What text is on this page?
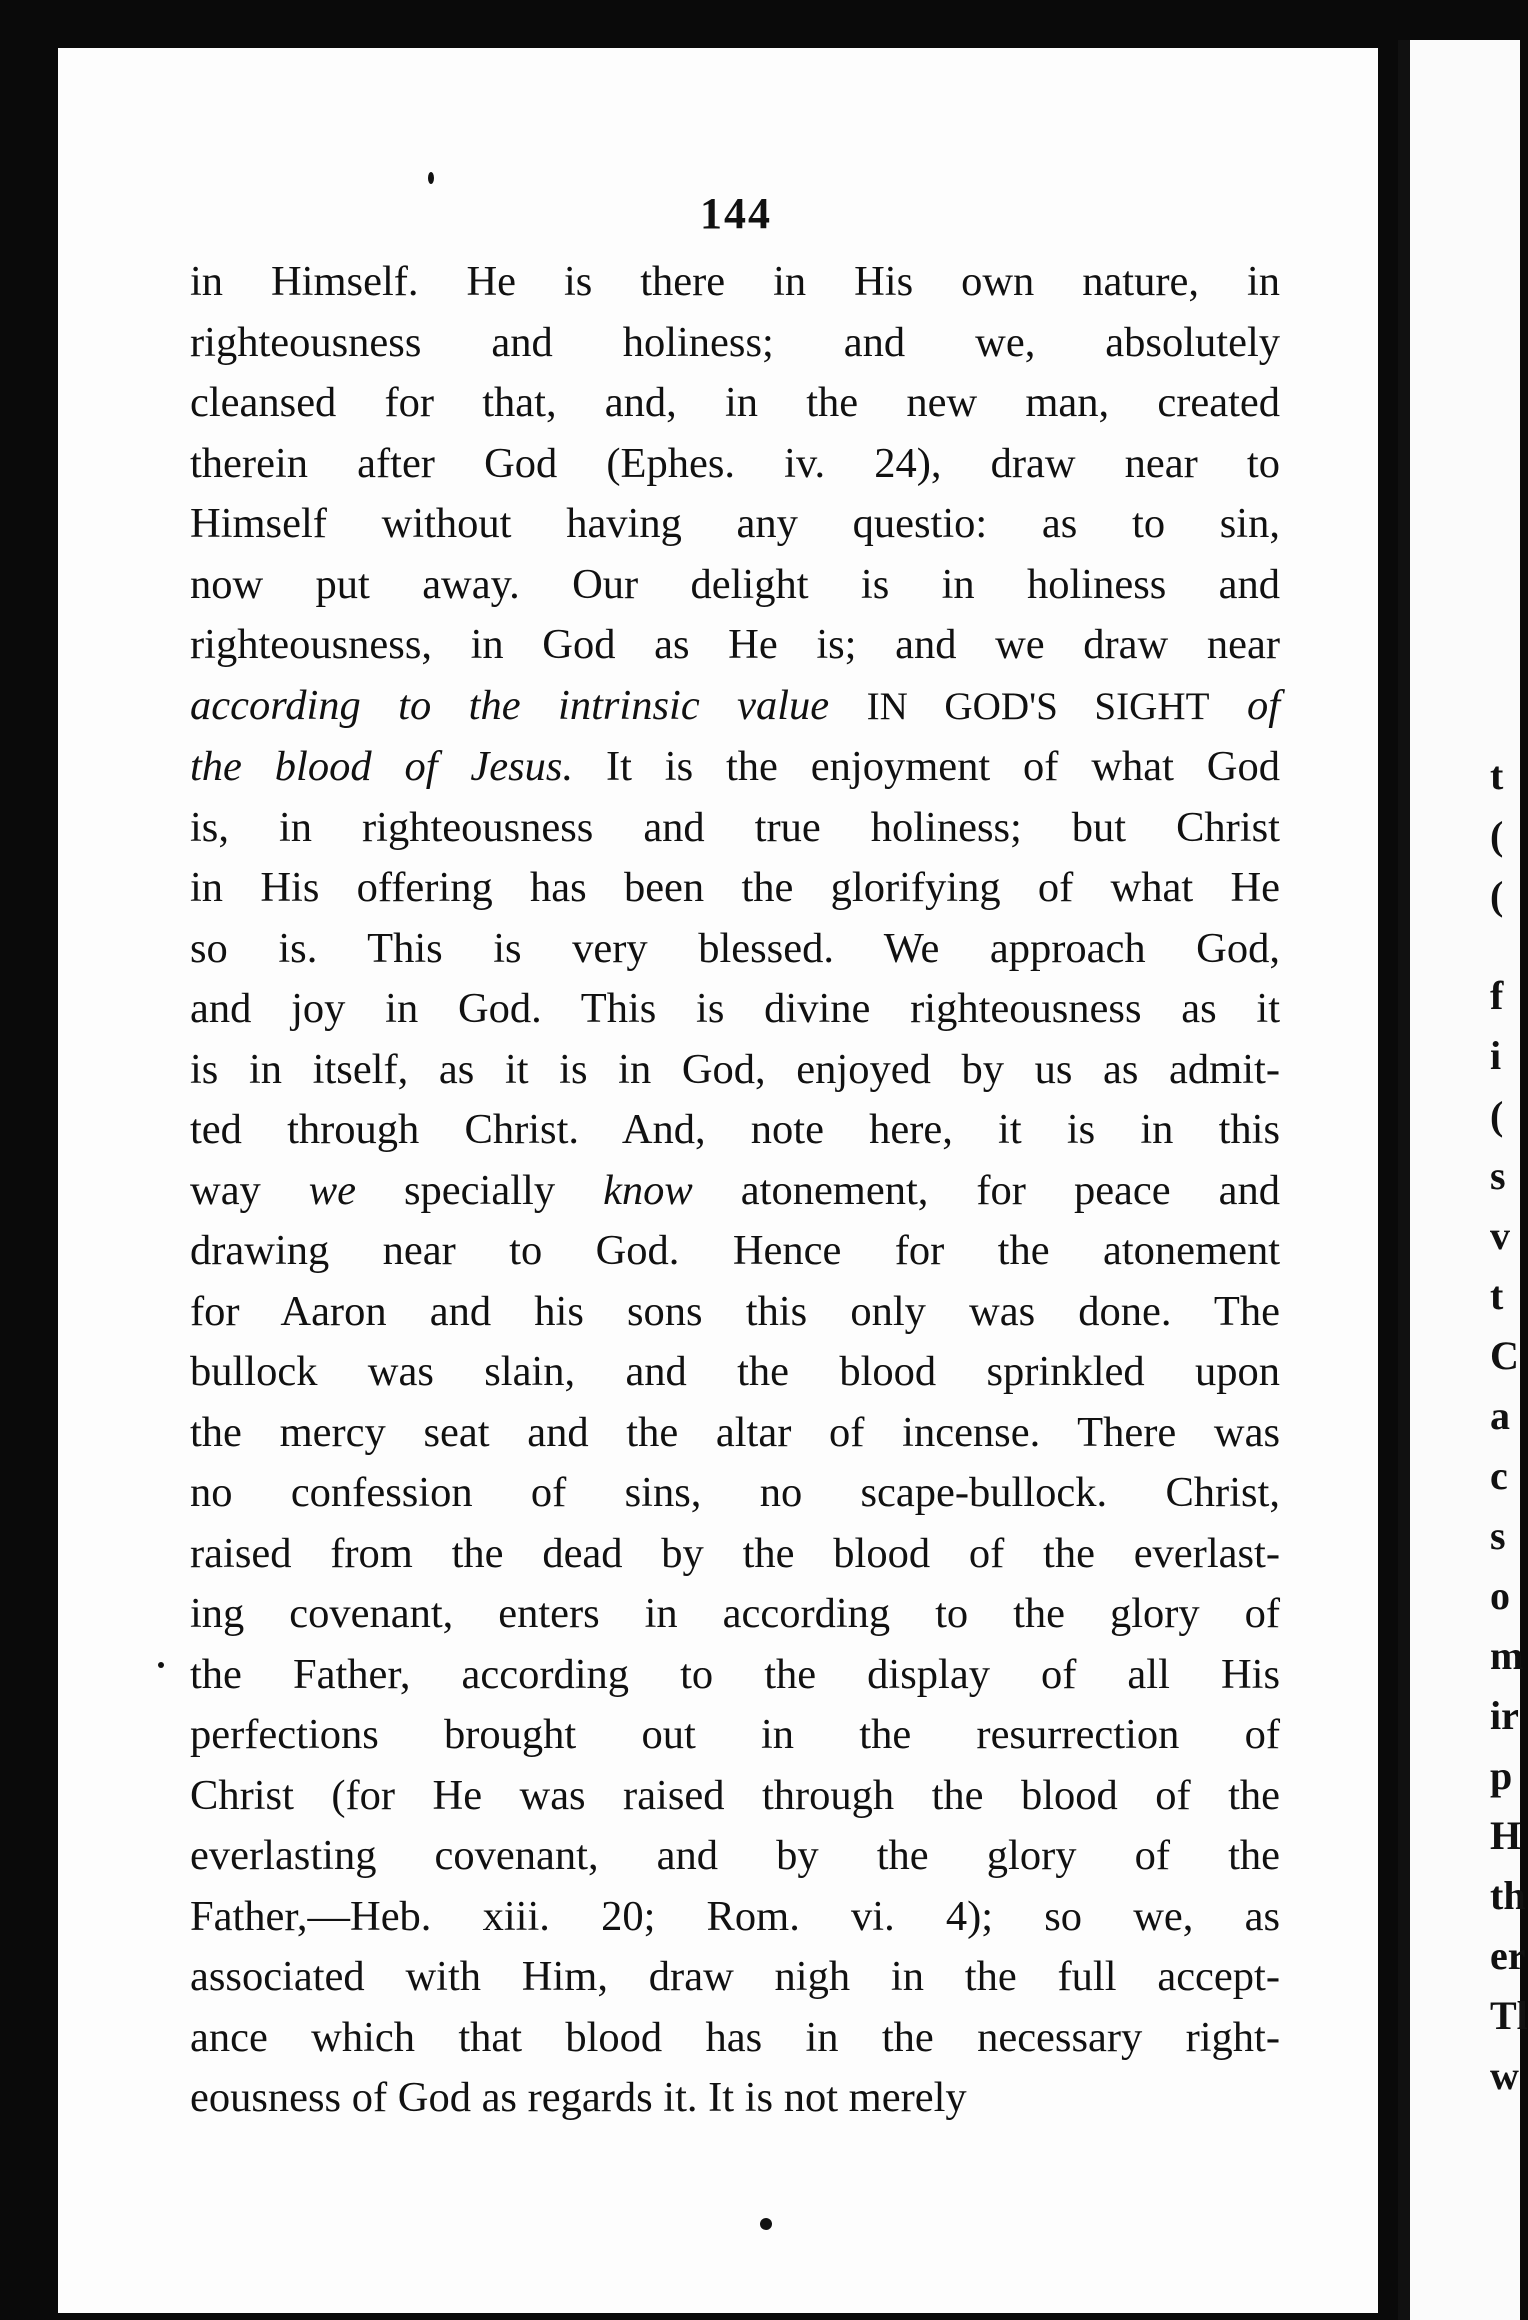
144

in Himself. He is there in His own nature, in
righteousness and holiness; and we, absolutely
cleansed for that, and, in the new man, created
therein after God (Ephes. iv. 24), draw near to
Himself without having any questio: as to sin,
now put away. Our delight is in holiness and
righteousness, in God as He is; and we draw near
according to the intrinsic value IN GOD'S SIGHT of
the blood of Jesus. It is the enjoyment of what God
is, in righteousness and true holiness; but Christ
in His offering has been the glorifying of what He
so is. This is very blessed. We approach God,
and joy in God. This is divine righteousness as it
is in itself, as it is in God, enjoyed by us as admit-
ted through Christ. And, note here, it is in this
way we specially know atonement, for peace and
drawing near to God. Hence for the atonement
for Aaron and his sons this only was done. The
bullock was slain, and the blood sprinkled upon
the mercy seat and the altar of incense. There was
no confession of sins, no scape-bullock. Christ,
raised from the dead by the blood of the everlast-
ing covenant, enters in according to the glory of
the Father, according to the display of all His
perfections brought out in the resurrection of
Christ (for He was raised through the blood of the
everlasting covenant, and by the glory of the
Father,—Heb. xiii. 20; Rom. vi. 4); so we, as
associated with Him, draw nigh in the full accept-
ance which that blood has in the necessary right-
eousness of God as regards it. It is not merely

t
(
(
f
i
(
s
v
t
C
a
c
s
o
m
ir
p
H
th
er
Tl
w
